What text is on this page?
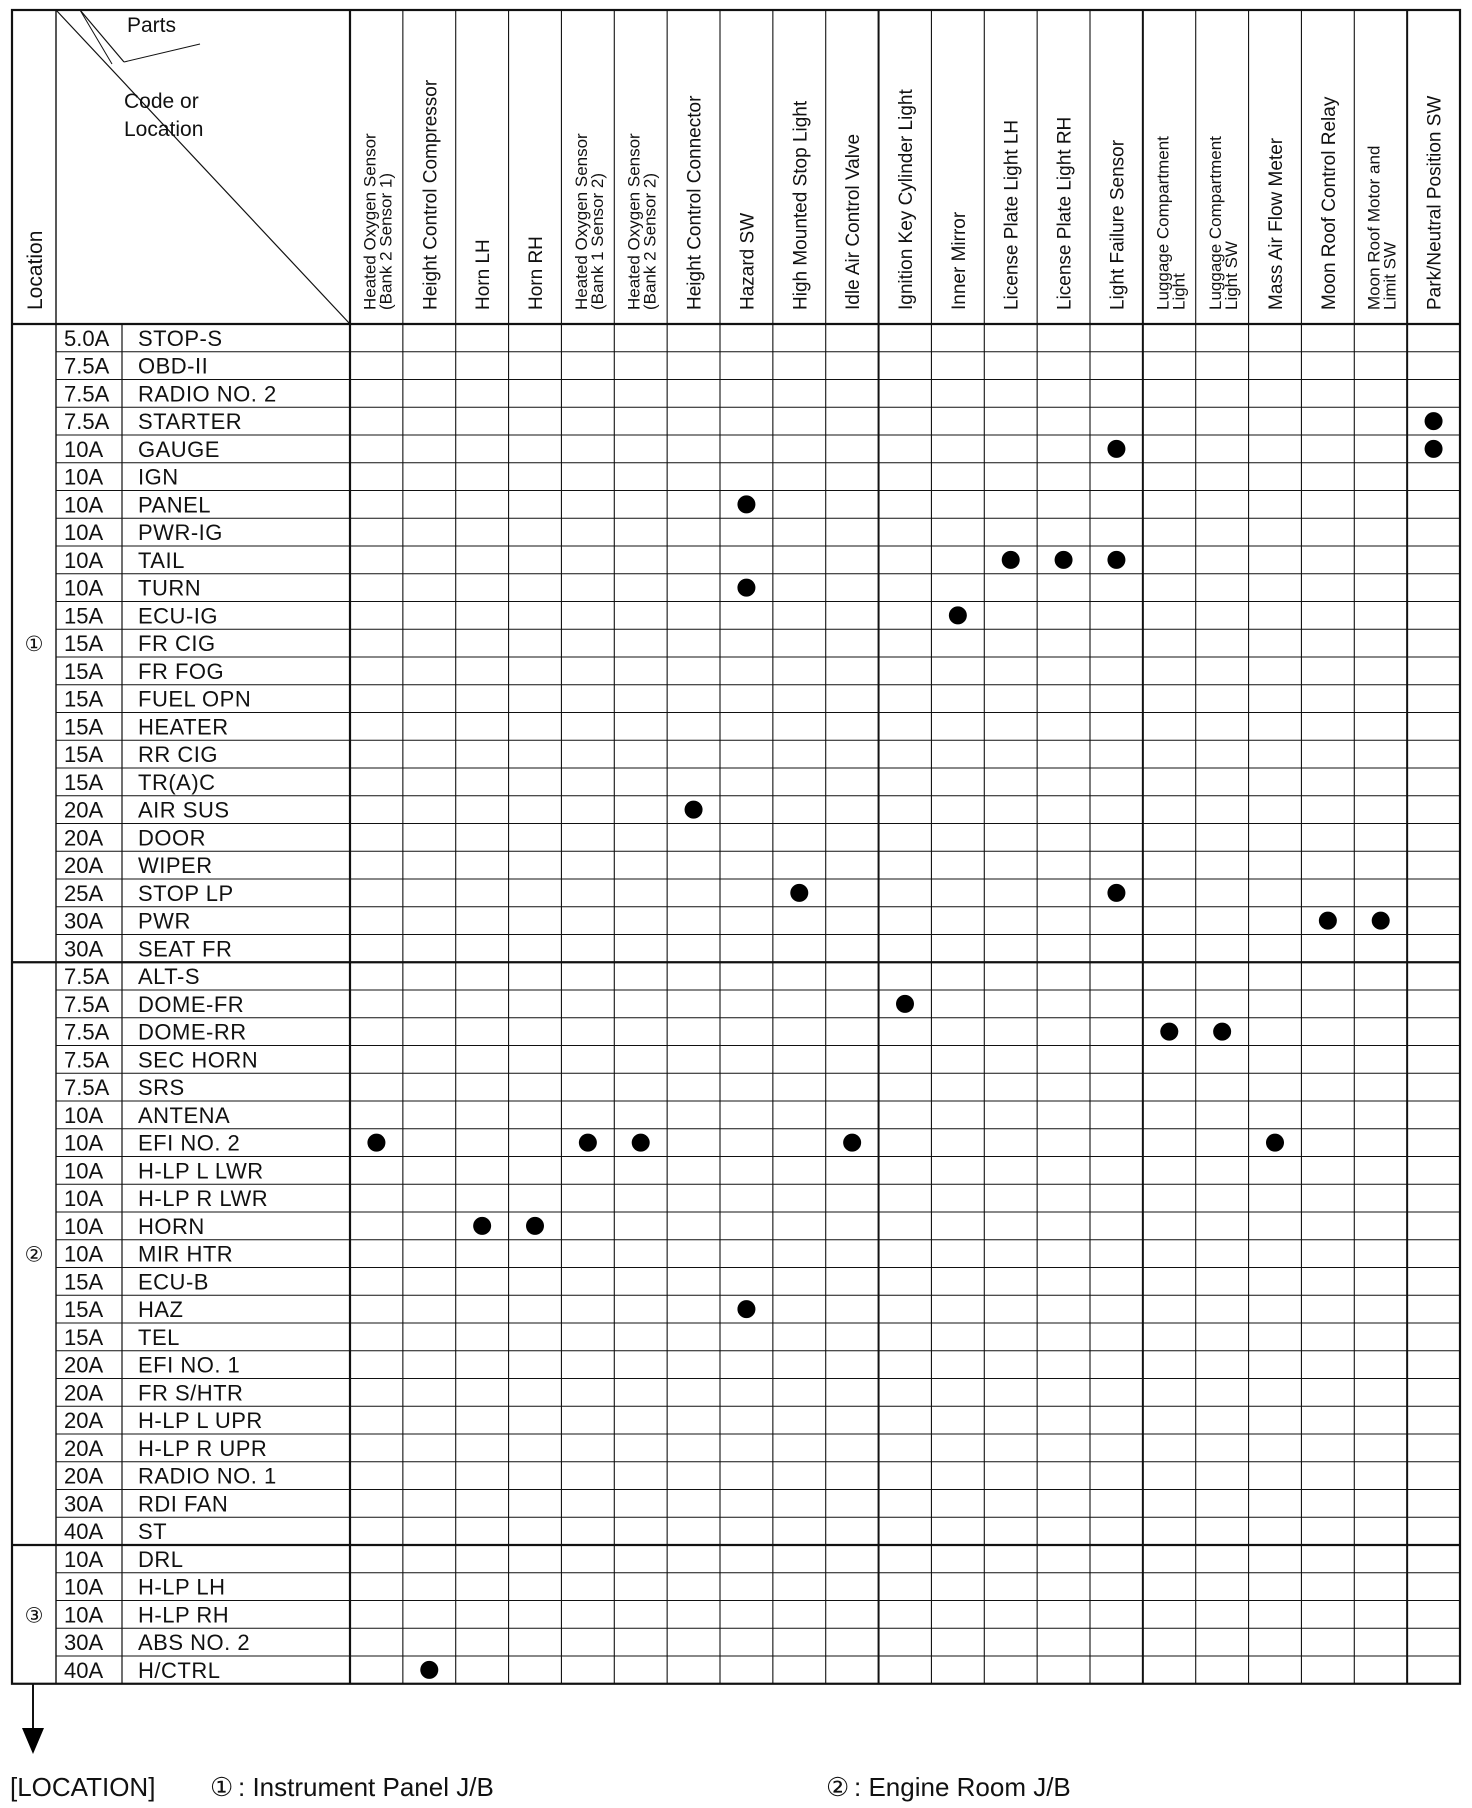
Parts
Code or
Location
Location	Heated Oxygen Sensor
(Bank 2 Sensor 1) Height Control Compressor Horn LH Horn RH Heated Oxygen Sensor
(Bank 1 Sensor 2) Heated Oxygen Sensor
(Bank 2 Sensor 2) Height Control Connector Hazard SW High Mounted Stop Light Idle Air Control Valve Ignition Key Cylinder Light Inner Mirror License Plate Light LH License Plate Light RH Light Failure Sensor Luggage Compartment
Light Luggage Compartment
Light SW Mass Air Flow Meter Moon Roof Control Relay Moon Roof Motor and
Limit SW Park/Neutral Position SW
5.0A STOP-S
7.5A OBD-II
7.5A RADIO NO. 2
7.5A STARTER
10A GAUGE
10A IGN
10A PANEL
10A PWR-IG
10A TAIL
10A TURN
15A ECU-IG
15A FR CIG
15A FR FOG
15A FUEL OPN
15A HEATER
15A RR CIG
15A TR(A)C
20A AIR SUS
20A DOOR
20A WIPER
25A STOP LP
30A PWR
30A SEAT FR
①
7.5A ALT-S
7.5A DOME-FR
7.5A DOME-RR
7.5A SEC HORN
7.5A SRS
10A ANTENA
10A EFI NO. 2
10A H-LP L LWR
10A H-LP R LWR
10A HORN
10A MIR HTR
15A ECU-B
15A HAZ
15A TEL
20A EFI NO. 1
20A FR S/HTR
20A H-LP L UPR
20A H-LP R UPR
20A RADIO NO. 1
30A RDI FAN
40A ST
②
10A DRL
10A H-LP LH
10A H-LP RH
30A ABS NO. 2
40A H/CTRL
③
[LOCATION] ① : Instrument Panel J/B	② : Engine Room J/B
